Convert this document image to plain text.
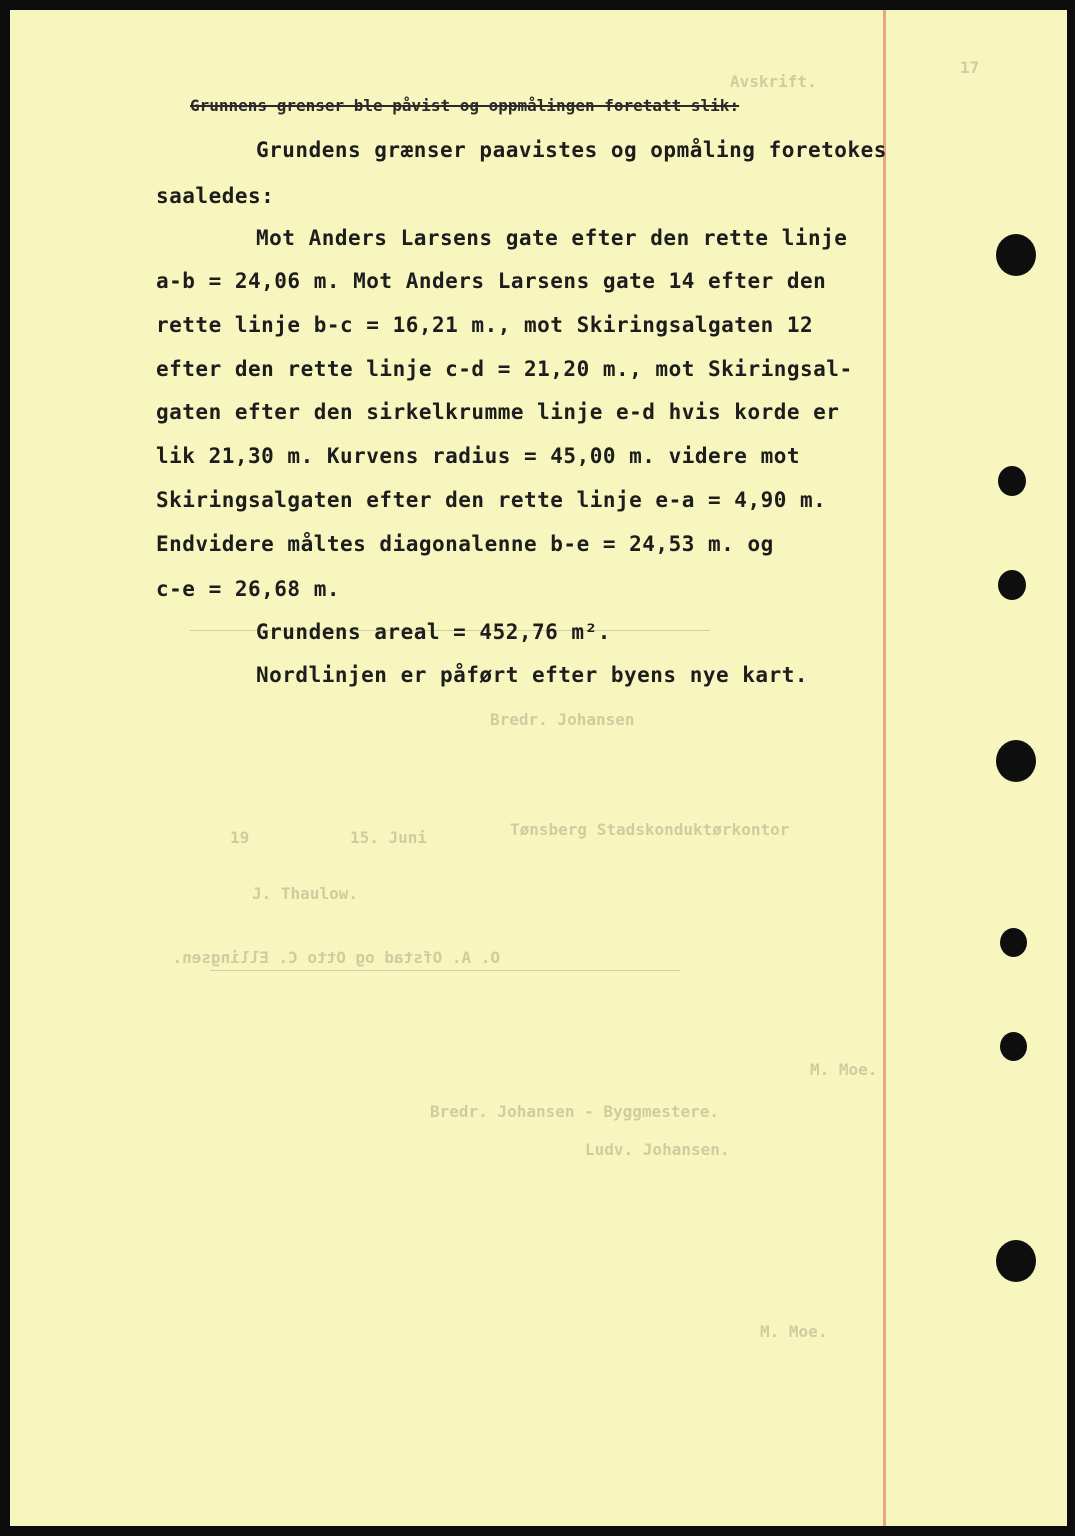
Avskrift.

17

Bredr. Johansen

Tønsberg Stadskonduktørkontor

15. Juni

19

J. Thaulow.

O. A. Ofstad og Otto C. Ellingsen.

M. Moe.

Bredr. Johansen - Byggmestere.

Ludv. Johansen.

M. Moe.

Grunnens grenser ble påvist og oppmålingen foretatt slik:

Grundens grænser paavistes og opmåling foretokes

saaledes:

Mot Anders Larsens gate efter den rette linje

a-b = 24,06 m. Mot Anders Larsens gate 14 efter den

rette linje b-c = 16,21 m., mot Skiringsalgaten 12

efter den rette linje c-d = 21,20 m., mot Skiringsal-

gaten efter den sirkelkrumme linje e-d hvis korde er

lik 21,30 m. Kurvens radius = 45,00 m. videre mot

Skiringsalgaten efter den rette linje e-a = 4,90 m.

Endvidere måltes diagonalenne b-e = 24,53 m. og

c-e = 26,68 m.

Grundens areal = 452,76 m².

Nordlinjen er påført efter byens nye kart.
